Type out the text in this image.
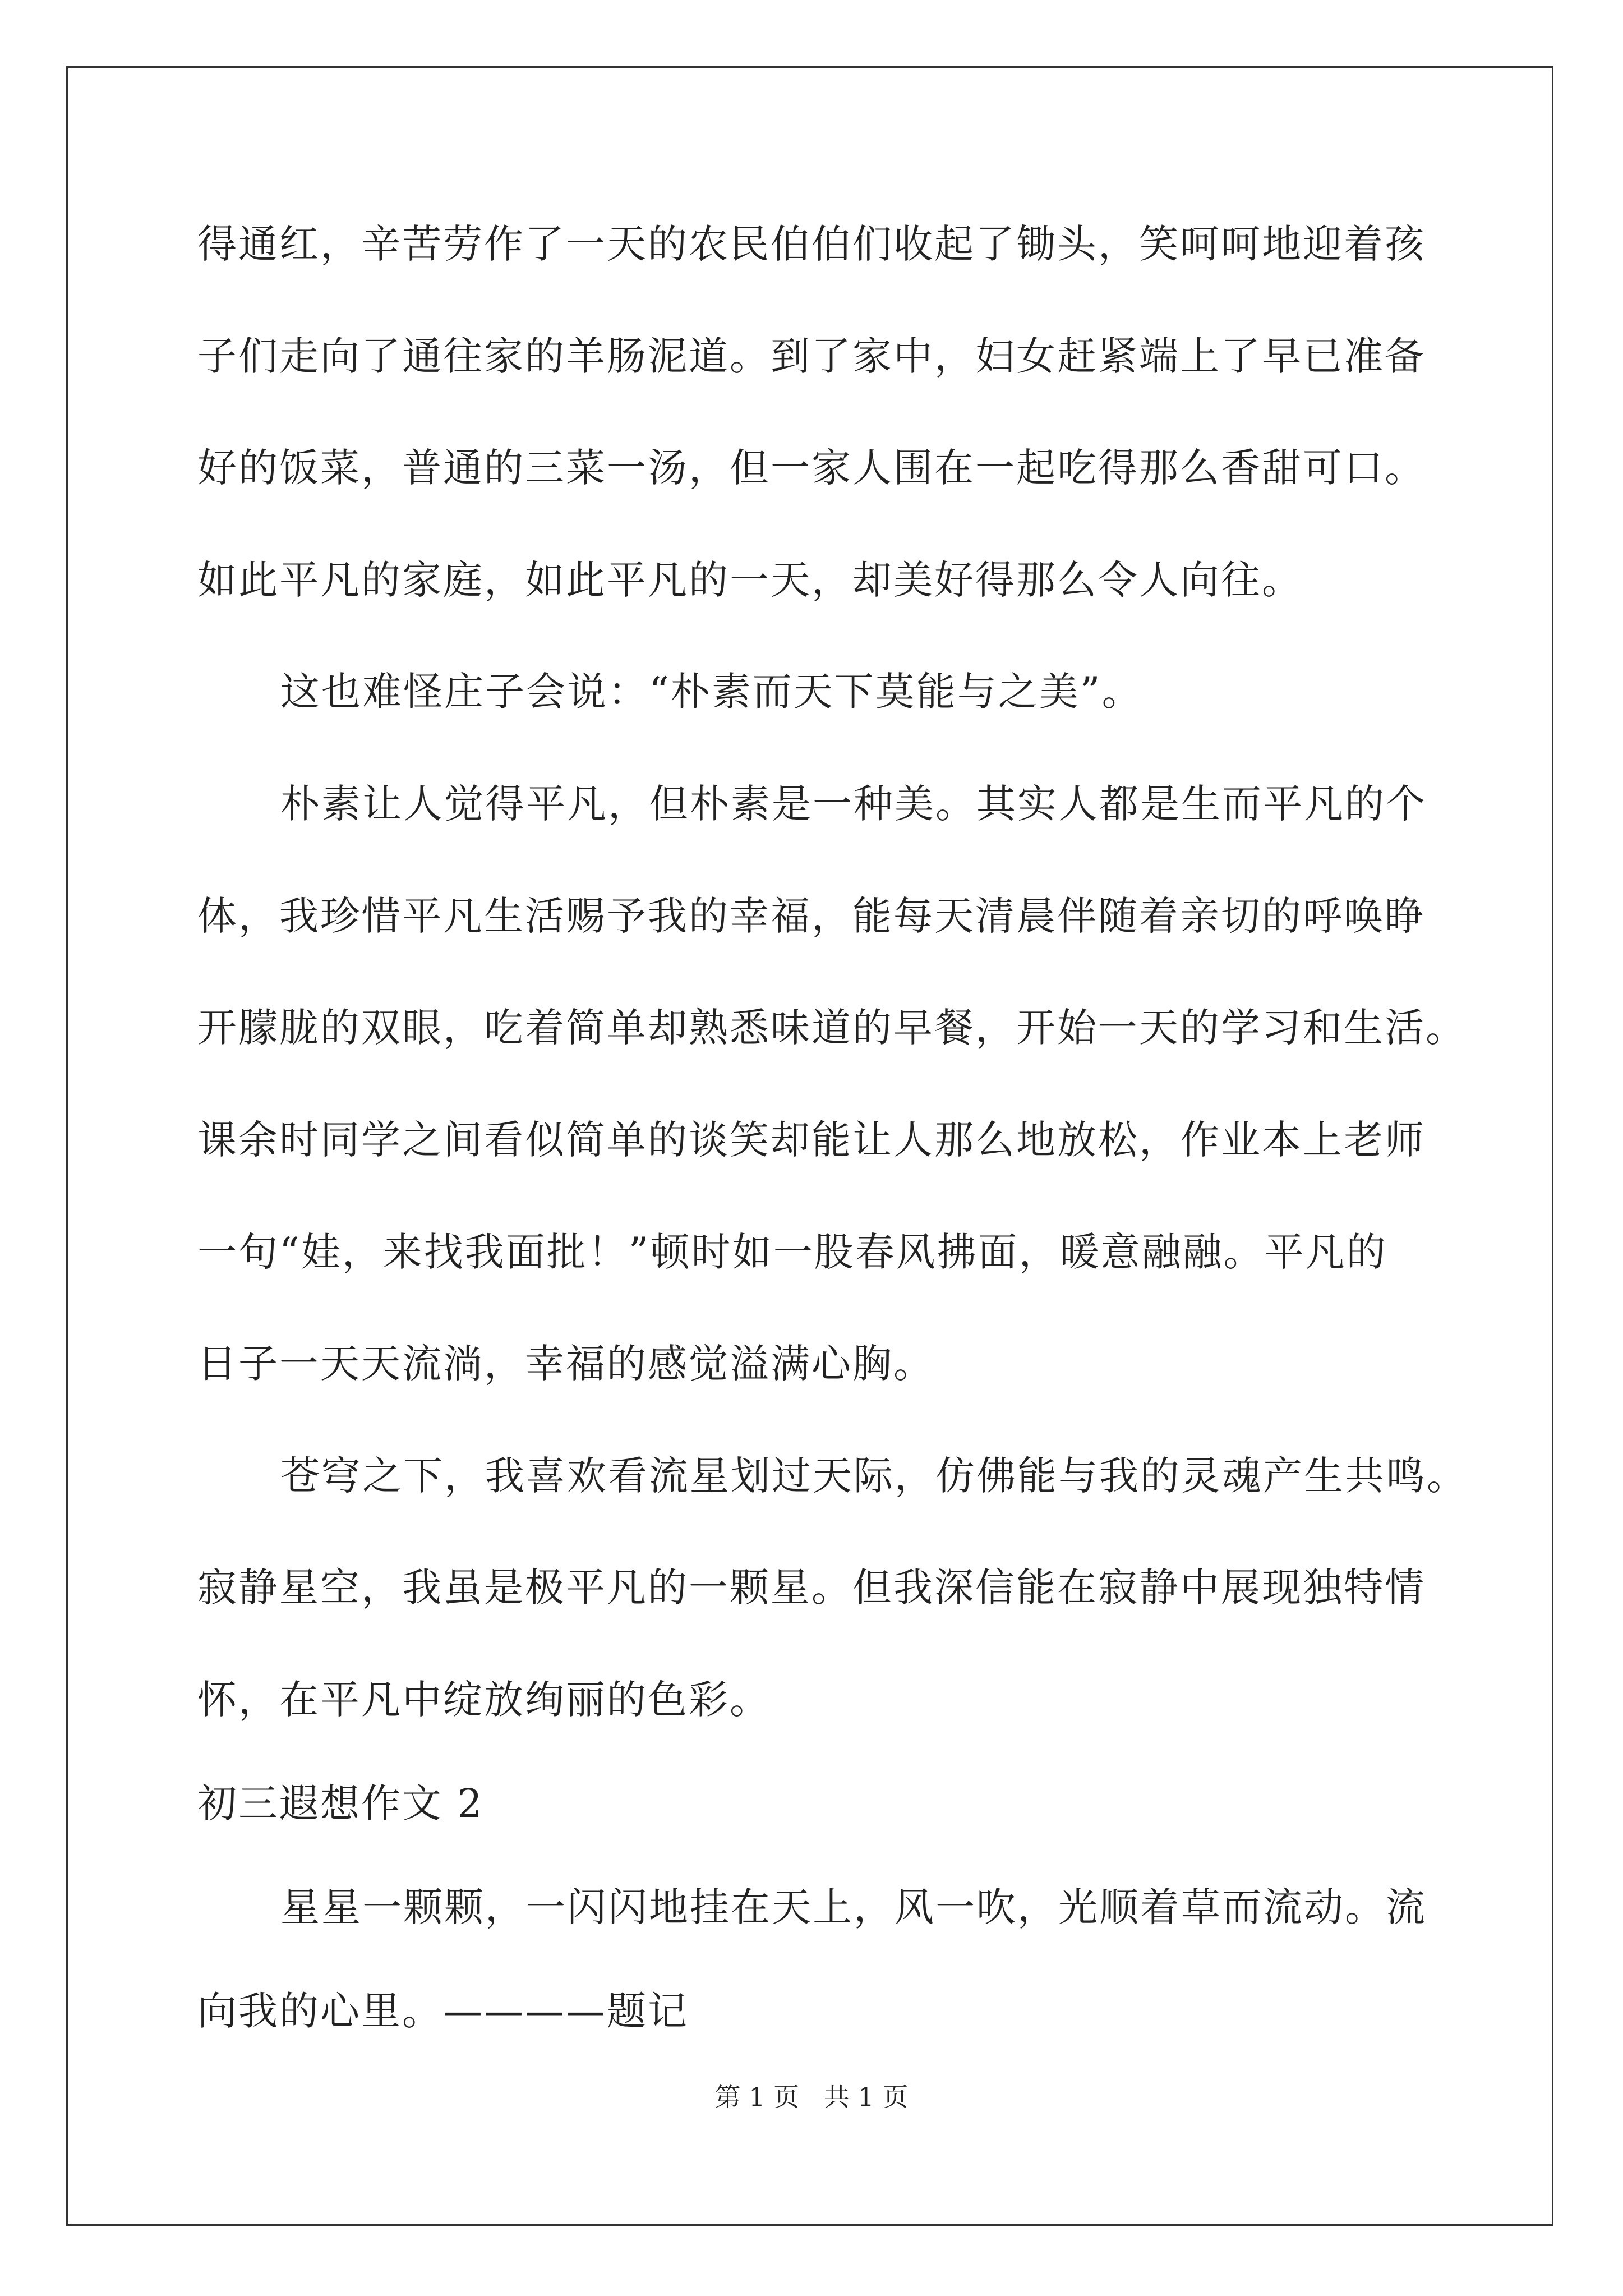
得通红，辛苦劳作了一天的农民伯伯们收起了锄头，笑呵呵地迎着孩
子们走向了通往家的羊肠泥道。到了家中，妇女赶紧端上了早已准备
好的饭菜，普通的三菜一汤，但一家人围在一起吃得那么香甜可口。
如此平凡的家庭，如此平凡的一天，却美好得那么令人向往。
这也难怪庄子会说：“朴素而天下莫能与之美”。
朴素让人觉得平凡，但朴素是一种美。其实人都是生而平凡的个
体，我珍惜平凡生活赐予我的幸福，能每天清晨伴随着亲切的呼唤睁
开朦胧的双眼，吃着简单却熟悉味道的早餐，开始一天的学习和生活。
课余时同学之间看似简单的谈笑却能让人那么地放松，作业本上老师
一句“娃，来找我面批！”顿时如一股春风拂面，暖意融融。平凡的
日子一天天流淌，幸福的感觉溢满心胸。
苍穹之下，我喜欢看流星划过天际，仿佛能与我的灵魂产生共鸣。
寂静星空，我虽是极平凡的一颗星。但我深信能在寂静中展现独特情
怀，在平凡中绽放绚丽的色彩。
初三遐想作文 2
星星一颗颗，一闪闪地挂在天上，风一吹，光顺着草而流动。流
向我的心里。————题记
第 1 页   共 1 页
